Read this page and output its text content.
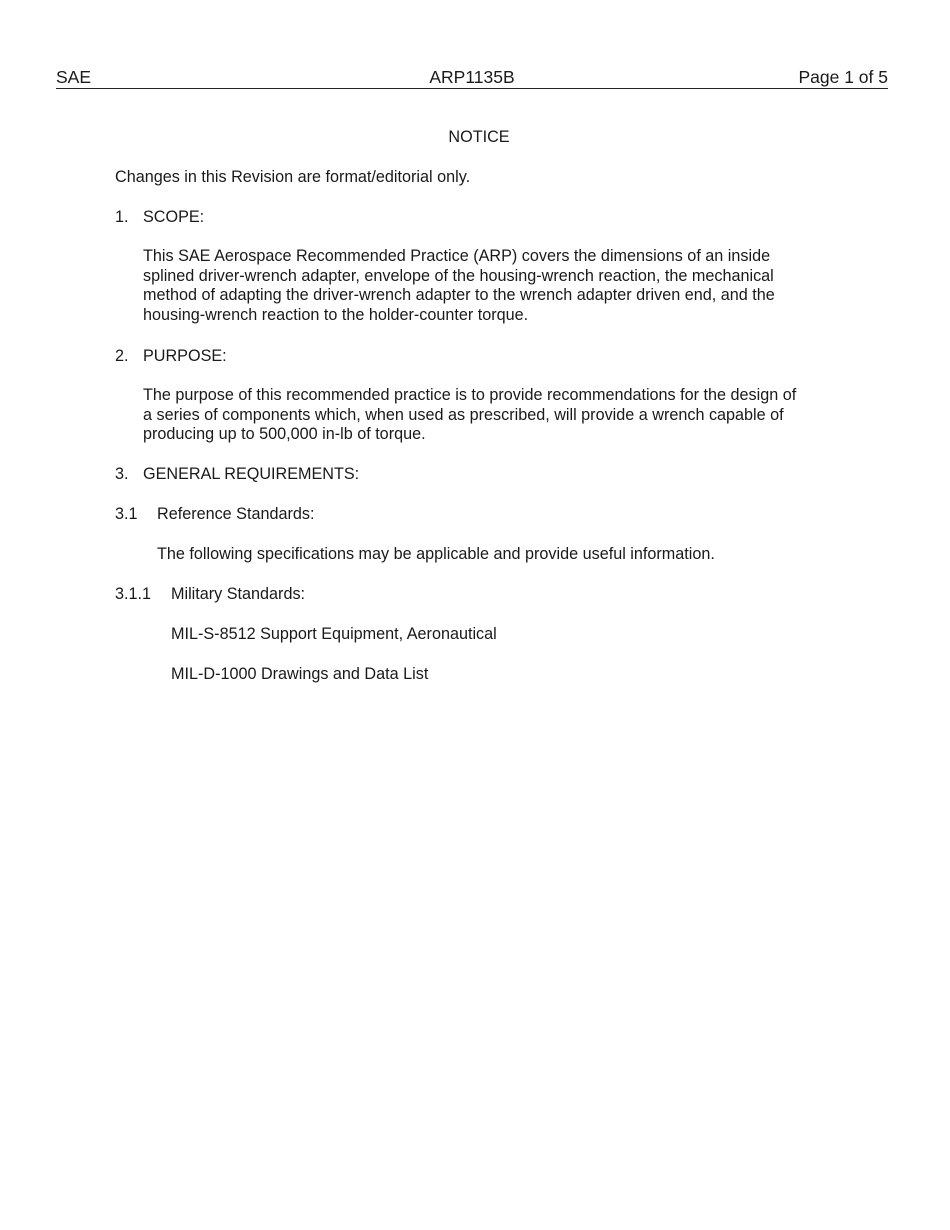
SAE	ARP1135B	Page 1 of 5
NOTICE
Changes in this Revision are format/editorial only.
1. SCOPE:
This SAE Aerospace Recommended Practice (ARP) covers the dimensions of an inside
splined driver-wrench adapter, envelope of the housing-wrench reaction, the mechanical
method of adapting the driver-wrench adapter to the wrench adapter driven end, and the
housing-wrench reaction to the holder-counter torque.
2. PURPOSE:
The purpose of this recommended practice is to provide recommendations for the design of
a series of components which, when used as prescribed, will provide a wrench capable of
producing up to 500,000 in-lb of torque.
3. GENERAL REQUIREMENTS:
3.1 Reference Standards:
The following specifications may be applicable and provide useful information.
3.1.1 Military Standards:
MIL-S-8512 Support Equipment, Aeronautical
MIL-D-1000 Drawings and Data List
